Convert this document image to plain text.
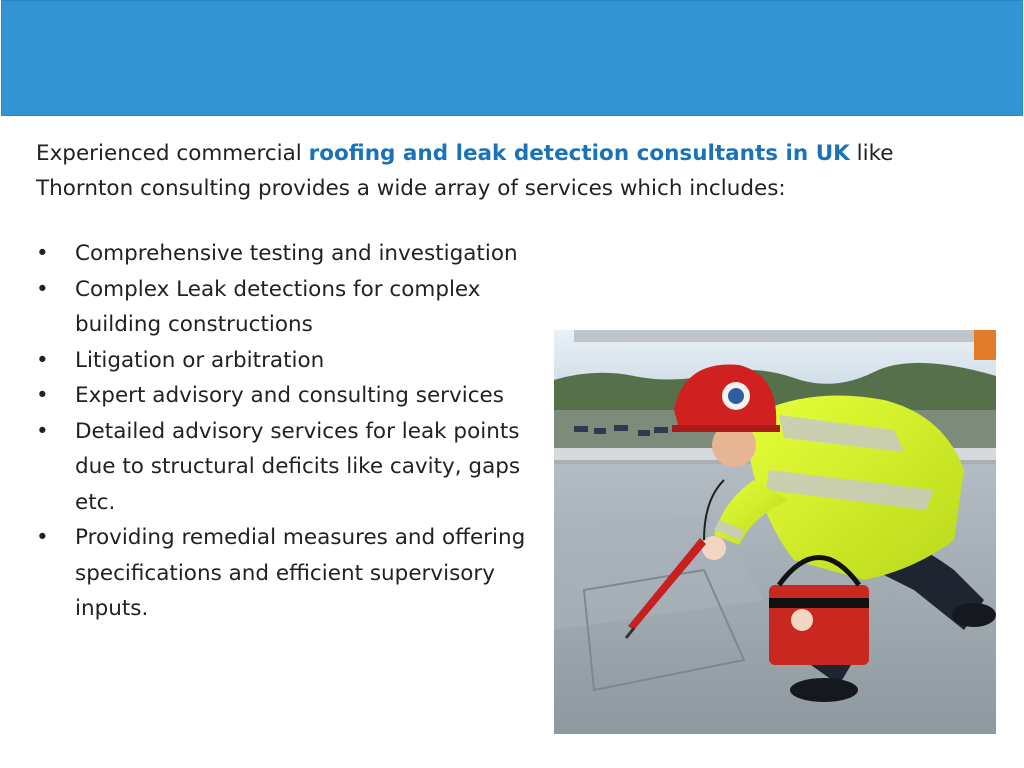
Experienced commercial roofing and leak detection consultants in UK like Thornton consulting provides a wide array of services which includes:

•	Comprehensive testing and investigation
•	Complex Leak detections for complex building constructions
•	Litigation or arbitration
•	Expert advisory and consulting services
•	Detailed advisory services for leak points due to structural deficits like cavity, gaps etc.
•	Providing remedial measures and offering specifications and efficient supervisory inputs.
